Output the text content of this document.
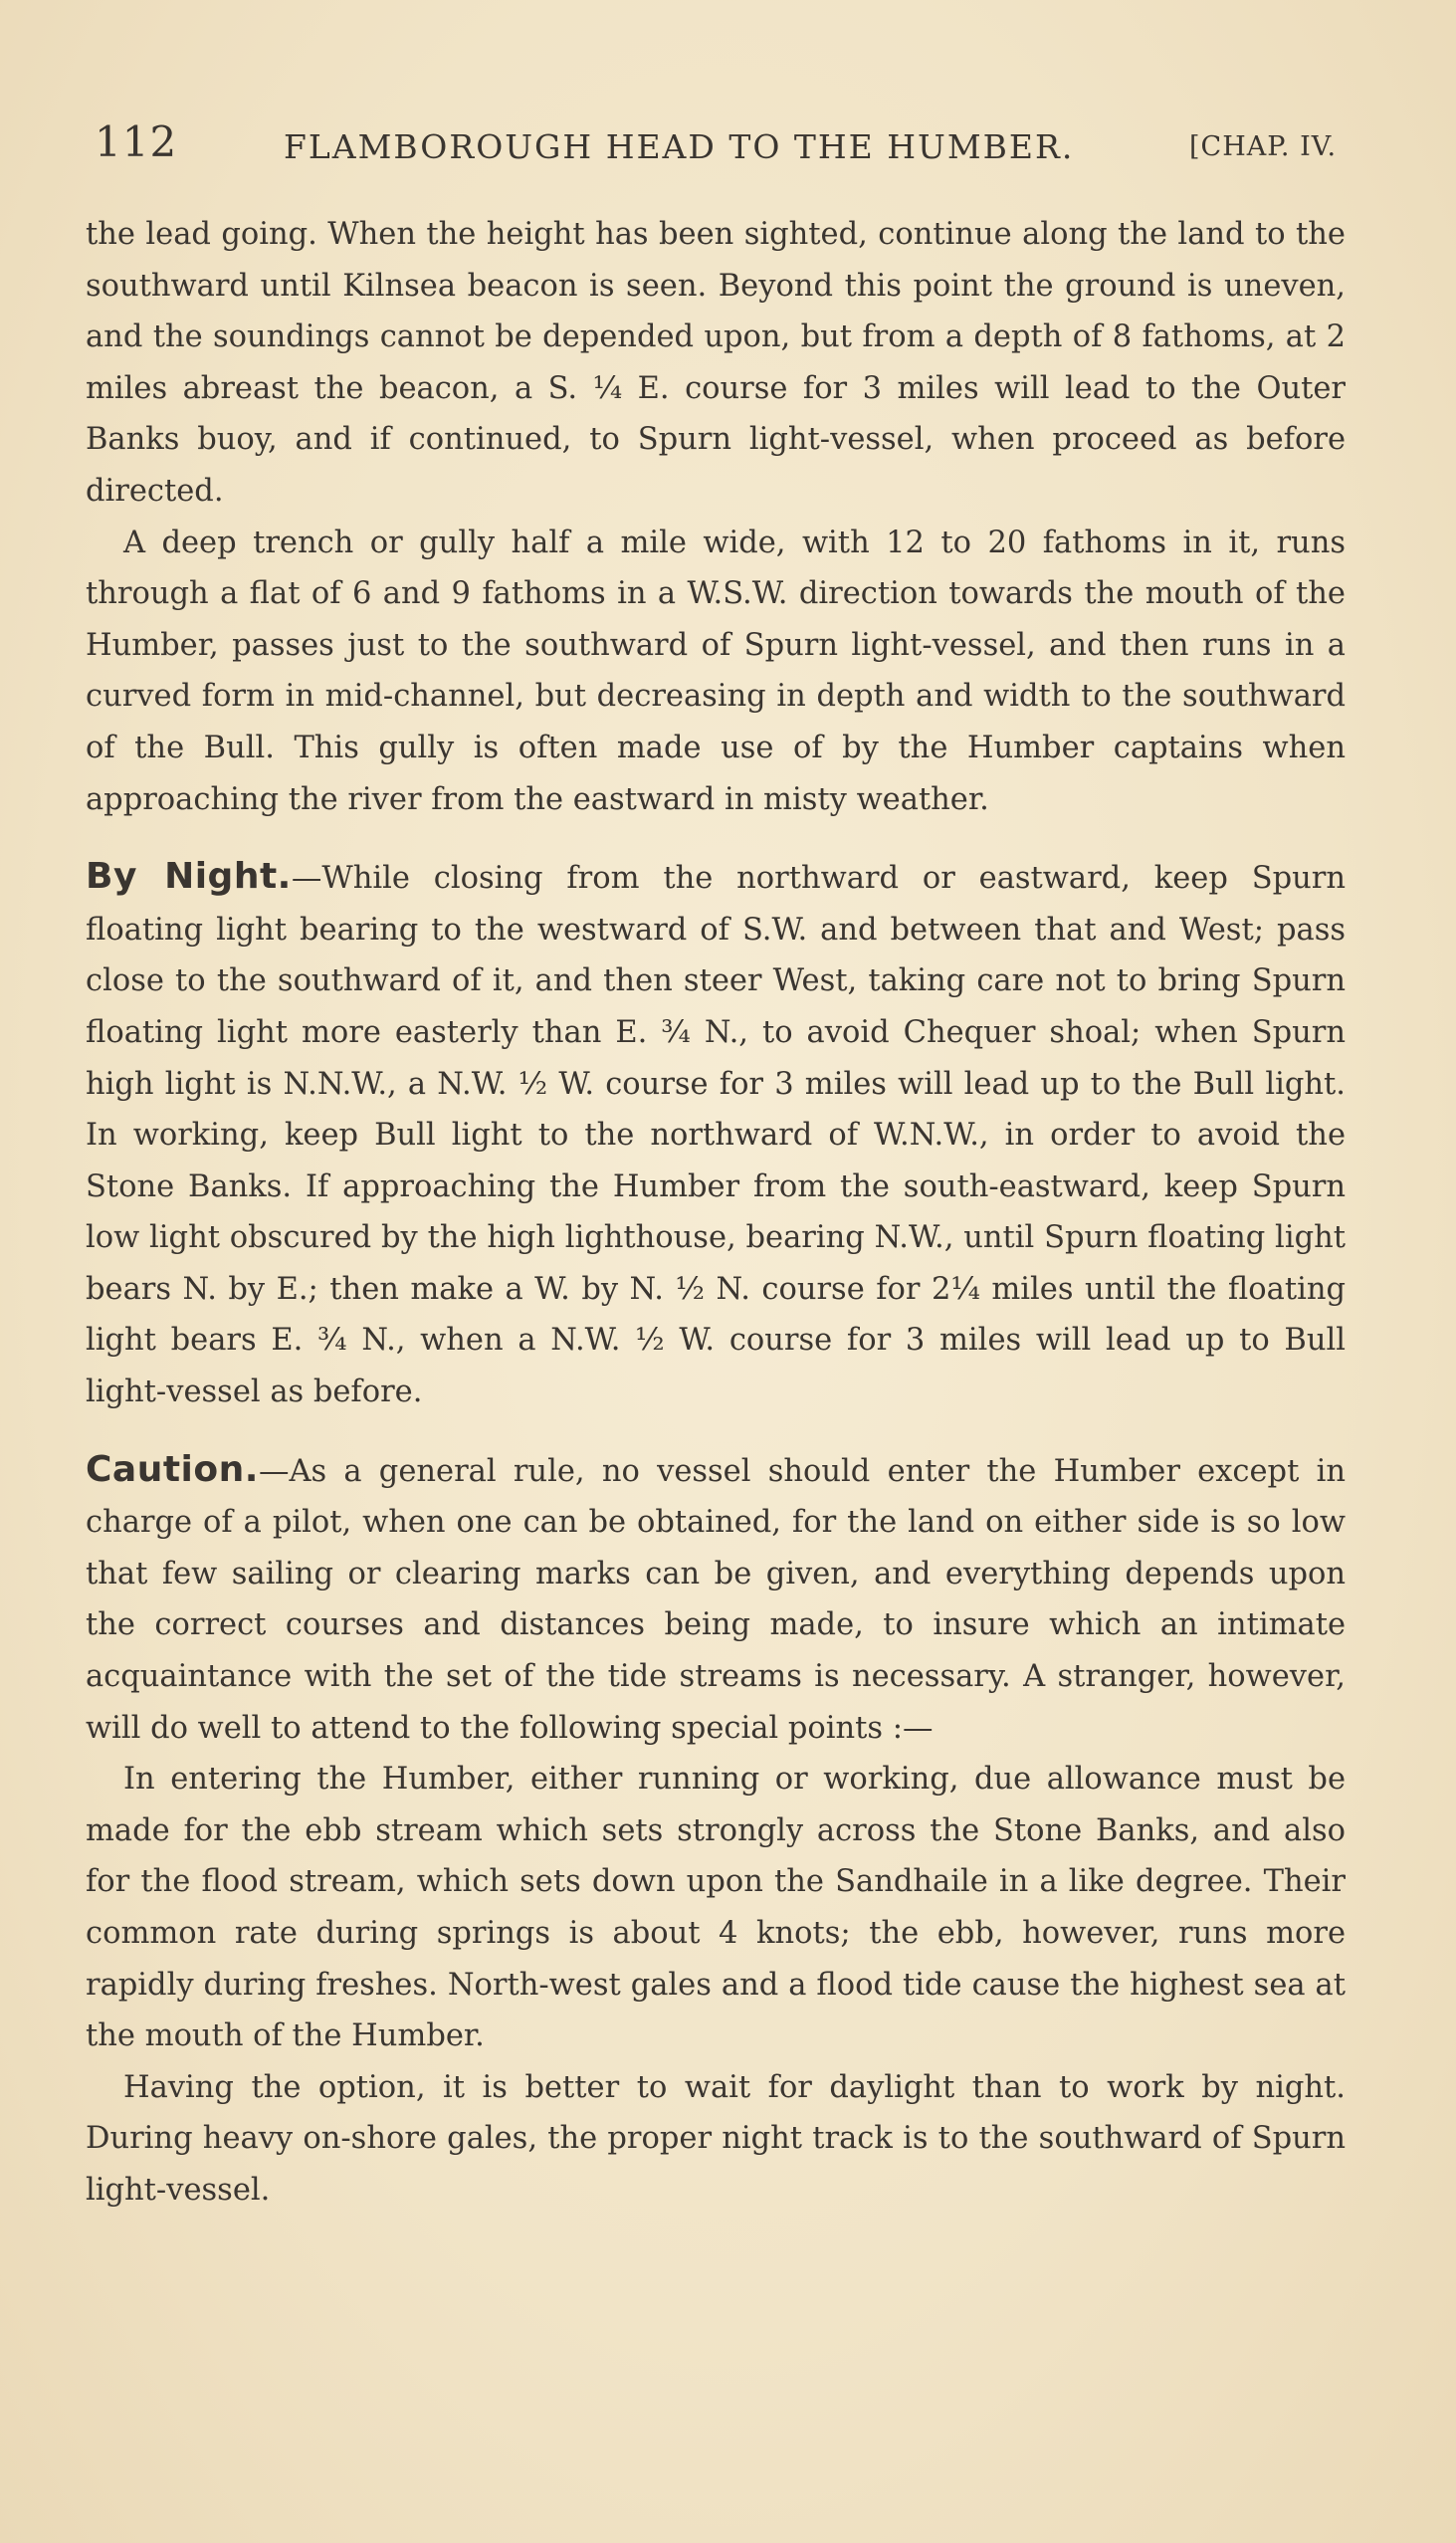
112	FLAMBOROUGH HEAD TO THE HUMBER.	[CHAP. IV.

the lead going. When the height has been sighted, continue along the land to the southward until Kilnsea beacon is seen. Beyond this point the ground is uneven, and the soundings cannot be depended upon, but from a depth of 8 fathoms, at 2 miles abreast the beacon, a S. ¼ E. course for 3 miles will lead to the Outer Banks buoy, and if continued, to Spurn light-vessel, when proceed as before directed.

A deep trench or gully half a mile wide, with 12 to 20 fathoms in it, runs through a flat of 6 and 9 fathoms in a W.S.W. direction towards the mouth of the Humber, passes just to the southward of Spurn light-vessel, and then runs in a curved form in mid-channel, but decreasing in depth and width to the southward of the Bull. This gully is often made use of by the Humber captains when approaching the river from the eastward in misty weather.

By Night.—While closing from the northward or eastward, keep Spurn floating light bearing to the westward of S.W. and between that and West; pass close to the southward of it, and then steer West, taking care not to bring Spurn floating light more easterly than E. ¾ N., to avoid Chequer shoal; when Spurn high light is N.N.W., a N.W. ½ W. course for 3 miles will lead up to the Bull light. In working, keep Bull light to the northward of W.N.W., in order to avoid the Stone Banks. If approaching the Humber from the south-eastward, keep Spurn low light obscured by the high lighthouse, bearing N.W., until Spurn floating light bears N. by E.; then make a W. by N. ½ N. course for 2¼ miles until the floating light bears E. ¾ N., when a N.W. ½ W. course for 3 miles will lead up to Bull light-vessel as before.

Caution.—As a general rule, no vessel should enter the Humber except in charge of a pilot, when one can be obtained, for the land on either side is so low that few sailing or clearing marks can be given, and everything depends upon the correct courses and distances being made, to insure which an intimate acquaintance with the set of the tide streams is necessary. A stranger, however, will do well to attend to the following special points :—

In entering the Humber, either running or working, due allowance must be made for the ebb stream which sets strongly across the Stone Banks, and also for the flood stream, which sets down upon the Sandhaile in a like degree. Their common rate during springs is about 4 knots; the ebb, however, runs more rapidly during freshes. North-west gales and a flood tide cause the highest sea at the mouth of the Humber.

Having the option, it is better to wait for daylight than to work by night. During heavy on-shore gales, the proper night track is to the southward of Spurn light-vessel.
